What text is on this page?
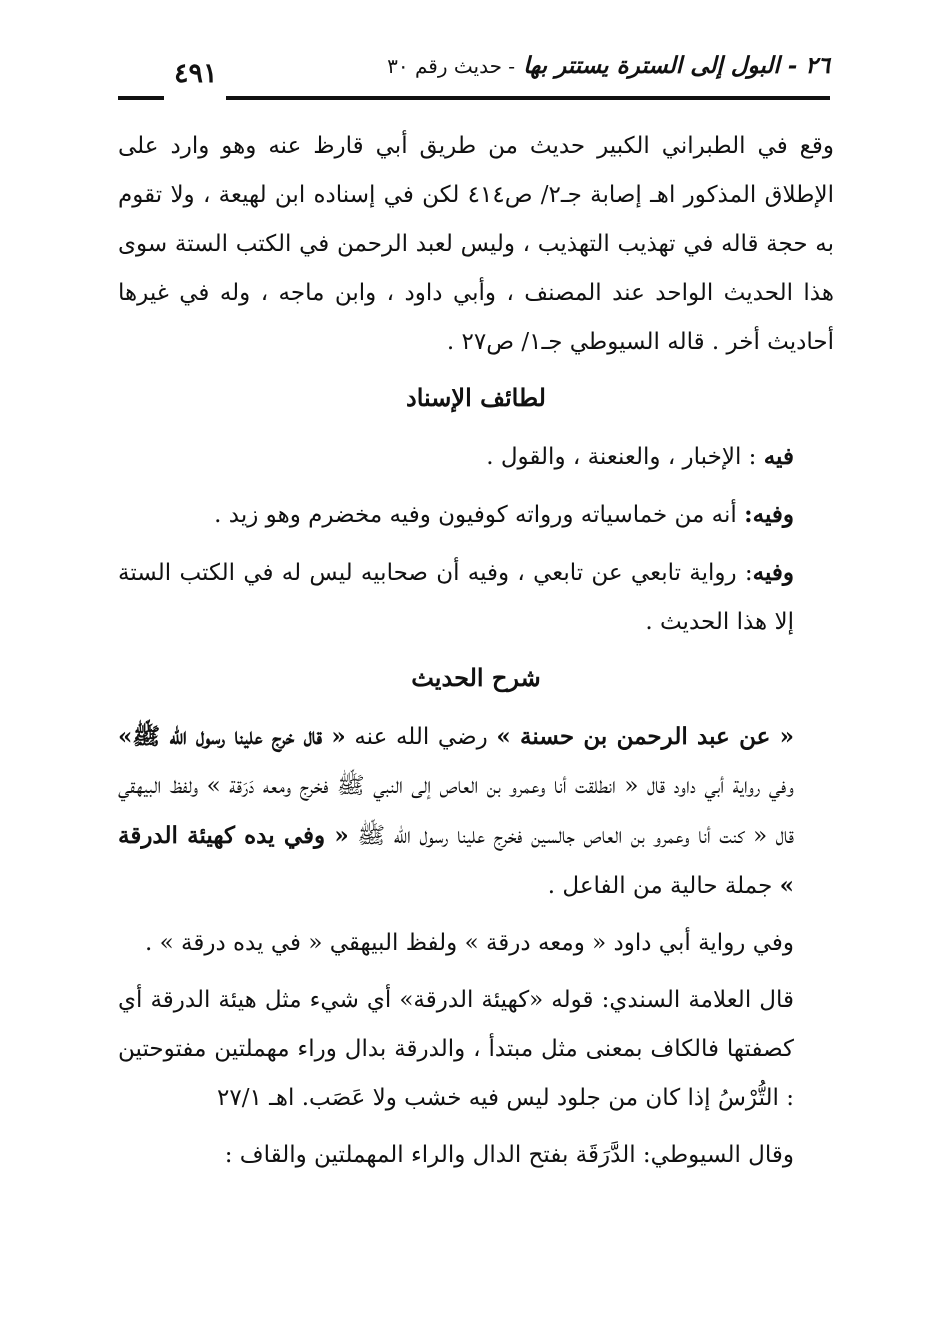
٤٩١	٢٦ - البول إلى السترة يستتر بها - حديث رقم ٣٠

وقع في الطبراني الكبير حديث من طريق أبي قارظ عنه وهو وارد على الإطلاق المذكور اهـ إصابة جـ٢/ ص٤١٤ لكن في إسناده ابن لهيعة ، ولا تقوم به حجة قاله في تهذيب التهذيب ، وليس لعبد الرحمن في الكتب الستة سوى هذا الحديث الواحد عند المصنف ، وأبي داود ، وابن ماجه ، وله في غيرها أحاديث أخر . قاله السيوطي جـ١/ ص٢٧ .

لطائف الإسناد

فيه : الإخبار ، والعنعنة ، والقول .

وفيه: أنه من خماسياته ورواته كوفيون وفيه مخضرم وهو زيد .

وفيه: رواية تابعي عن تابعي ، وفيه أن صحابيه ليس له في الكتب الستة إلا هذا الحديث .

شرح الحديث

« عن عبد الرحمن بن حسنة » رضي الله عنه « قال خرج علينا رسول الله ﷺ» وفي رواية أبي داود قال « انطلقت أنا وعمرو بن العاص إلى النبي ﷺ فخرج ومعه دَرَقة » ولفظ البيهقي قال « كنت أنا وعمرو بن العاص جالسين فخرج علينا رسول الله ﷺ « وفي يده كهيئة الدرقة » جملة حالية من الفاعل .

وفي رواية أبي داود « ومعه درقة » ولفظ البيهقي « في يده درقة » .

قال العلامة السندي: قوله «كهيئة الدرقة» أي شيء مثل هيئة الدرقة أي كصفتها فالكاف بمعنى مثل مبتدأ ، والدرقة بدال وراء مهملتين مفتوحتين : التُّرْسُ إذا كان من جلود ليس فيه خشب ولا عَصَب. اهـ ٢٧/١

وقال السيوطي: الدَّرَقَة بفتح الدال والراء المهملتين والقاف :
